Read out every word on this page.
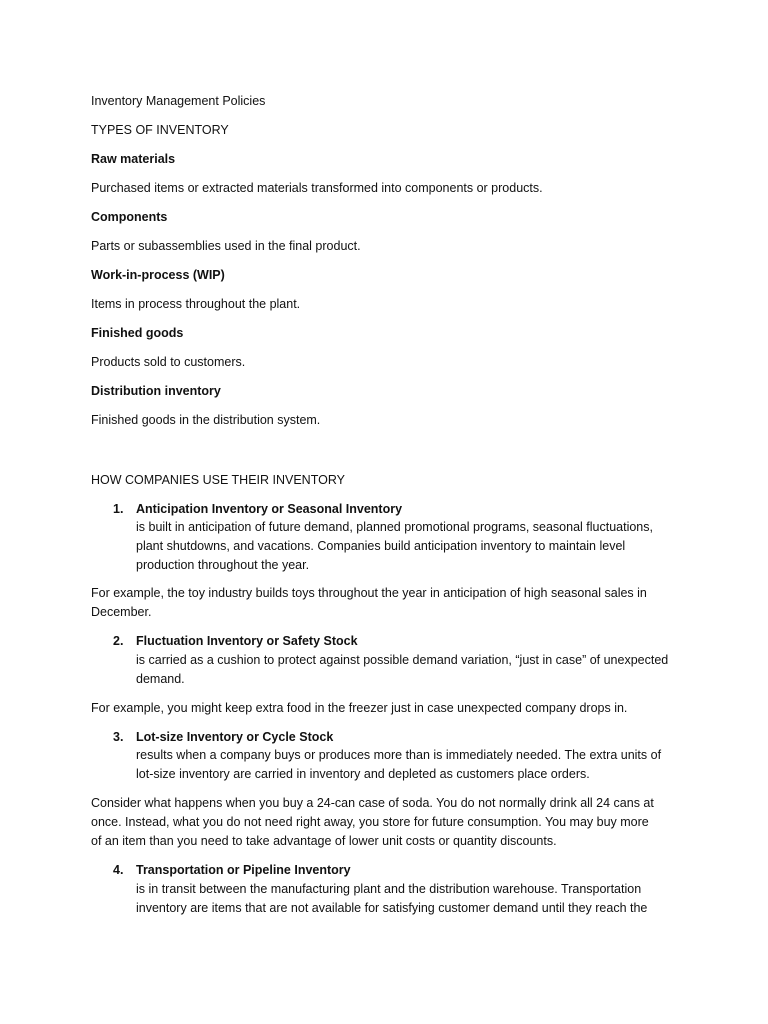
Inventory Management Policies
TYPES OF INVENTORY
Raw materials
Purchased items or extracted materials transformed into components or products.
Components
Parts or subassemblies used in the final product.
Work-in-process (WIP)
Items in process throughout the plant.
Finished goods
Products sold to customers.
Distribution inventory
Finished goods in the distribution system.
HOW COMPANIES USE THEIR INVENTORY
1. Anticipation Inventory or Seasonal Inventory
is built in anticipation of future demand, planned promotional programs, seasonal fluctuations,
plant shutdowns, and vacations. Companies build anticipation inventory to maintain level
production throughout the year.
For example, the toy industry builds toys throughout the year in anticipation of high seasonal sales in
December.
2. Fluctuation Inventory or Safety Stock
is carried as a cushion to protect against possible demand variation, “just in case” of unexpected
demand.
For example, you might keep extra food in the freezer just in case unexpected company drops in.
3. Lot-size Inventory or Cycle Stock
results when a company buys or produces more than is immediately needed. The extra units of
lot-size inventory are carried in inventory and depleted as customers place orders.
Consider what happens when you buy a 24-can case of soda. You do not normally drink all 24 cans at
once. Instead, what you do not need right away, you store for future consumption. You may buy more
of an item than you need to take advantage of lower unit costs or quantity discounts.
4. Transportation or Pipeline Inventory
is in transit between the manufacturing plant and the distribution warehouse. Transportation
inventory are items that are not available for satisfying customer demand until they reach the
